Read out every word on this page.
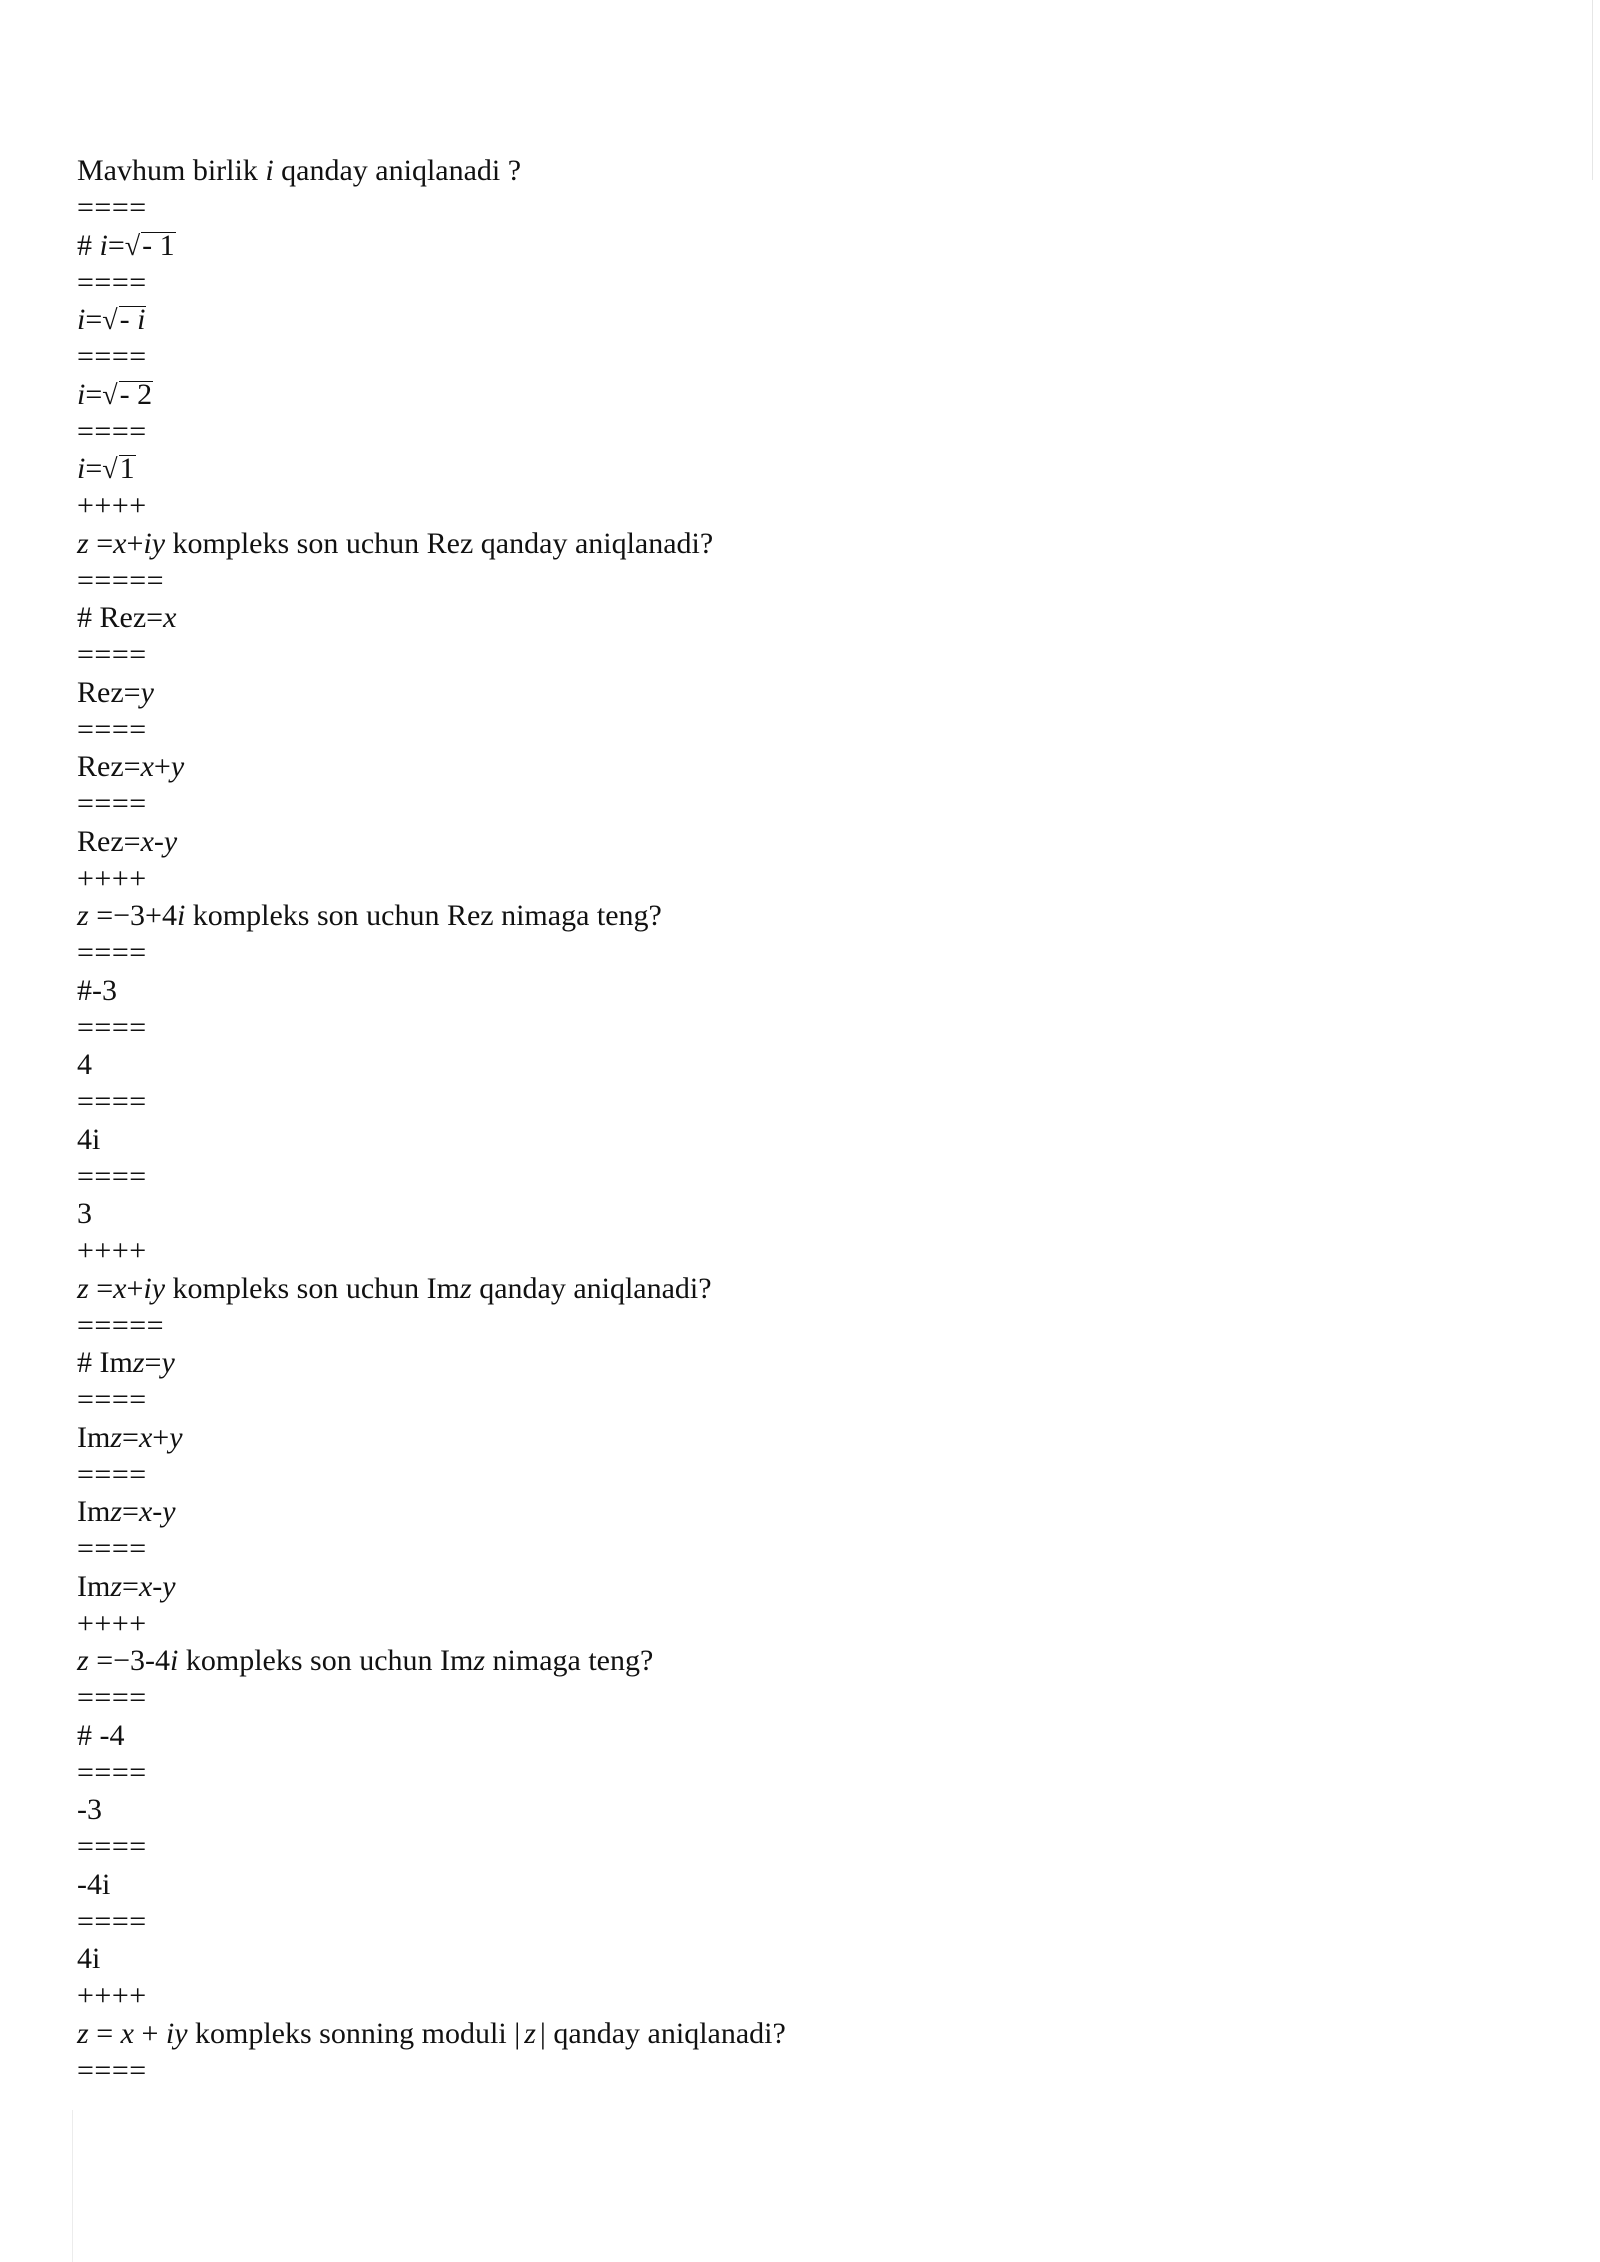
Mavhum birlik i qanday aniqlanadi ?
====
# i=√- 1
====
i=√- i
====
i=√- 2
====
i=√1
++++
z =x+iy kompleks son uchun Rez qanday aniqlanadi?
=====
# Rez=x
====
Rez=y
====
Rez=x+y
====
Rez=x-y
++++
z =−3+4i kompleks son uchun Rez nimaga teng?
====
#-3
====
4
====
4i
====
3
++++
z =x+iy kompleks son uchun Imz qanday aniqlanadi?
=====
# Imz=y
====
Imz=x+y
====
Imz=x-y
====
Imz=x-y
++++
z =−3-4i kompleks son uchun Imz nimaga teng?
====
# -4
====
-3
====
-4i
====
4i
++++
z = x + iy kompleks sonning moduli | z | qanday aniqlanadi?
====
